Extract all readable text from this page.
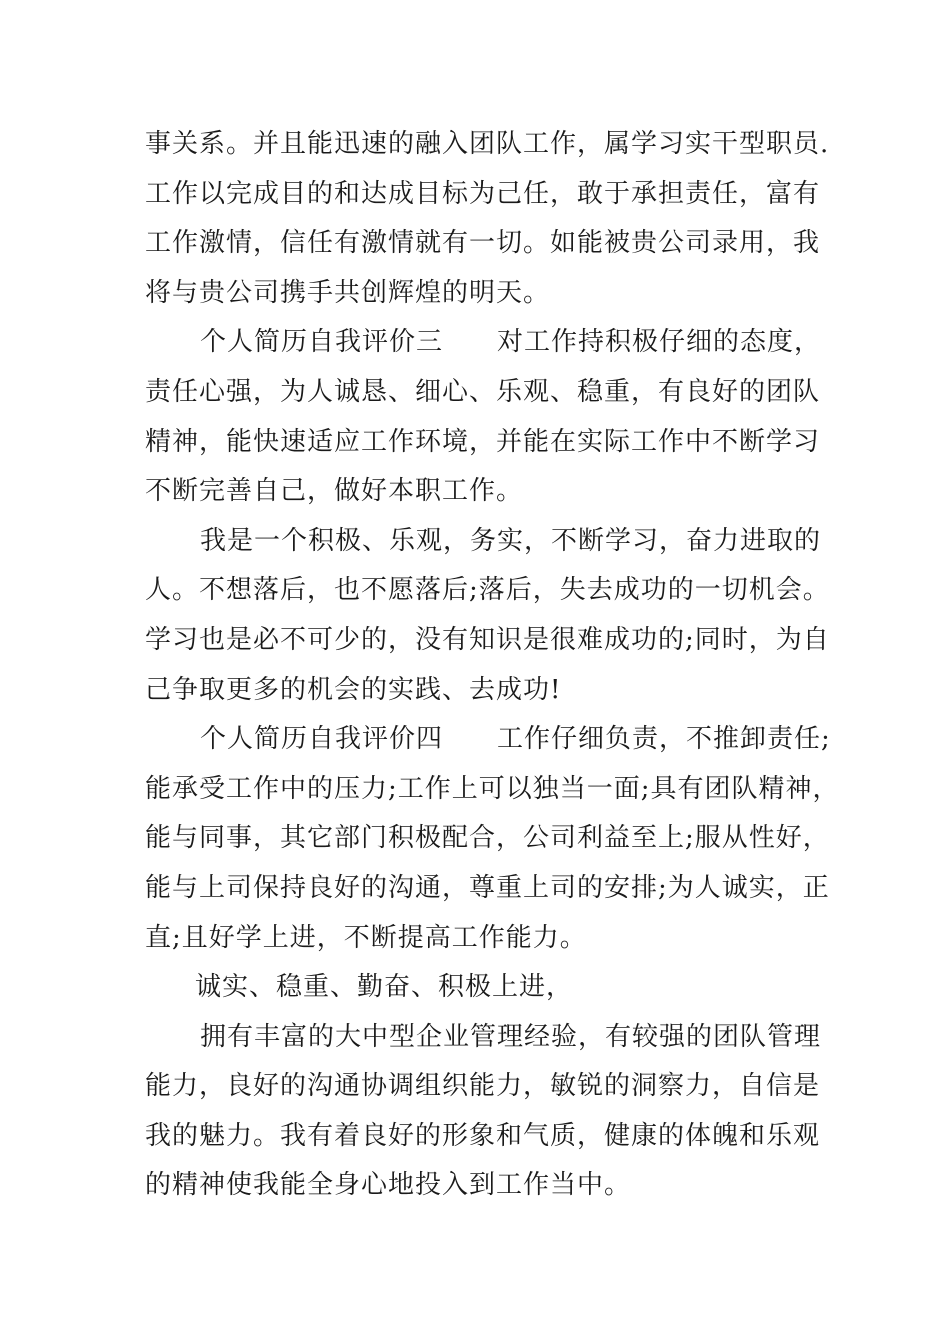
事关系。并且能迅速的融入团队工作，属学习实干型职员.
工作以完成目的和达成目标为己任，敢于承担责任，富有
工作激情，信任有激情就有一切。如能被贵公司录用，我
将与贵公司携手共创辉煌的明天。
个人简历自我评价三　　对工作持积极仔细的态度，
责任心强，为人诚恳、细心、乐观、稳重，有良好的团队
精神，能快速适应工作环境，并能在实际工作中不断学习
不断完善自己，做好本职工作。
我是一个积极、乐观，务实，不断学习，奋力进取的
人。不想落后，也不愿落后;落后，失去成功的一切机会。
学习也是必不可少的，没有知识是很难成功的;同时，为自
己争取更多的机会的实践、去成功!
个人简历自我评价四　　工作仔细负责，不推卸责任;
能承受工作中的压力;工作上可以独当一面;具有团队精神，
能与同事，其它部门积极配合，公司利益至上;服从性好，
能与上司保持良好的沟通，尊重上司的安排;为人诚实，正
直;且好学上进，不断提高工作能力。
诚实、稳重、勤奋、积极上进，
拥有丰富的大中型企业管理经验，有较强的团队管理
能力，良好的沟通协调组织能力，敏锐的洞察力，自信是
我的魅力。我有着良好的形象和气质，健康的体魄和乐观
的精神使我能全身心地投入到工作当中。
